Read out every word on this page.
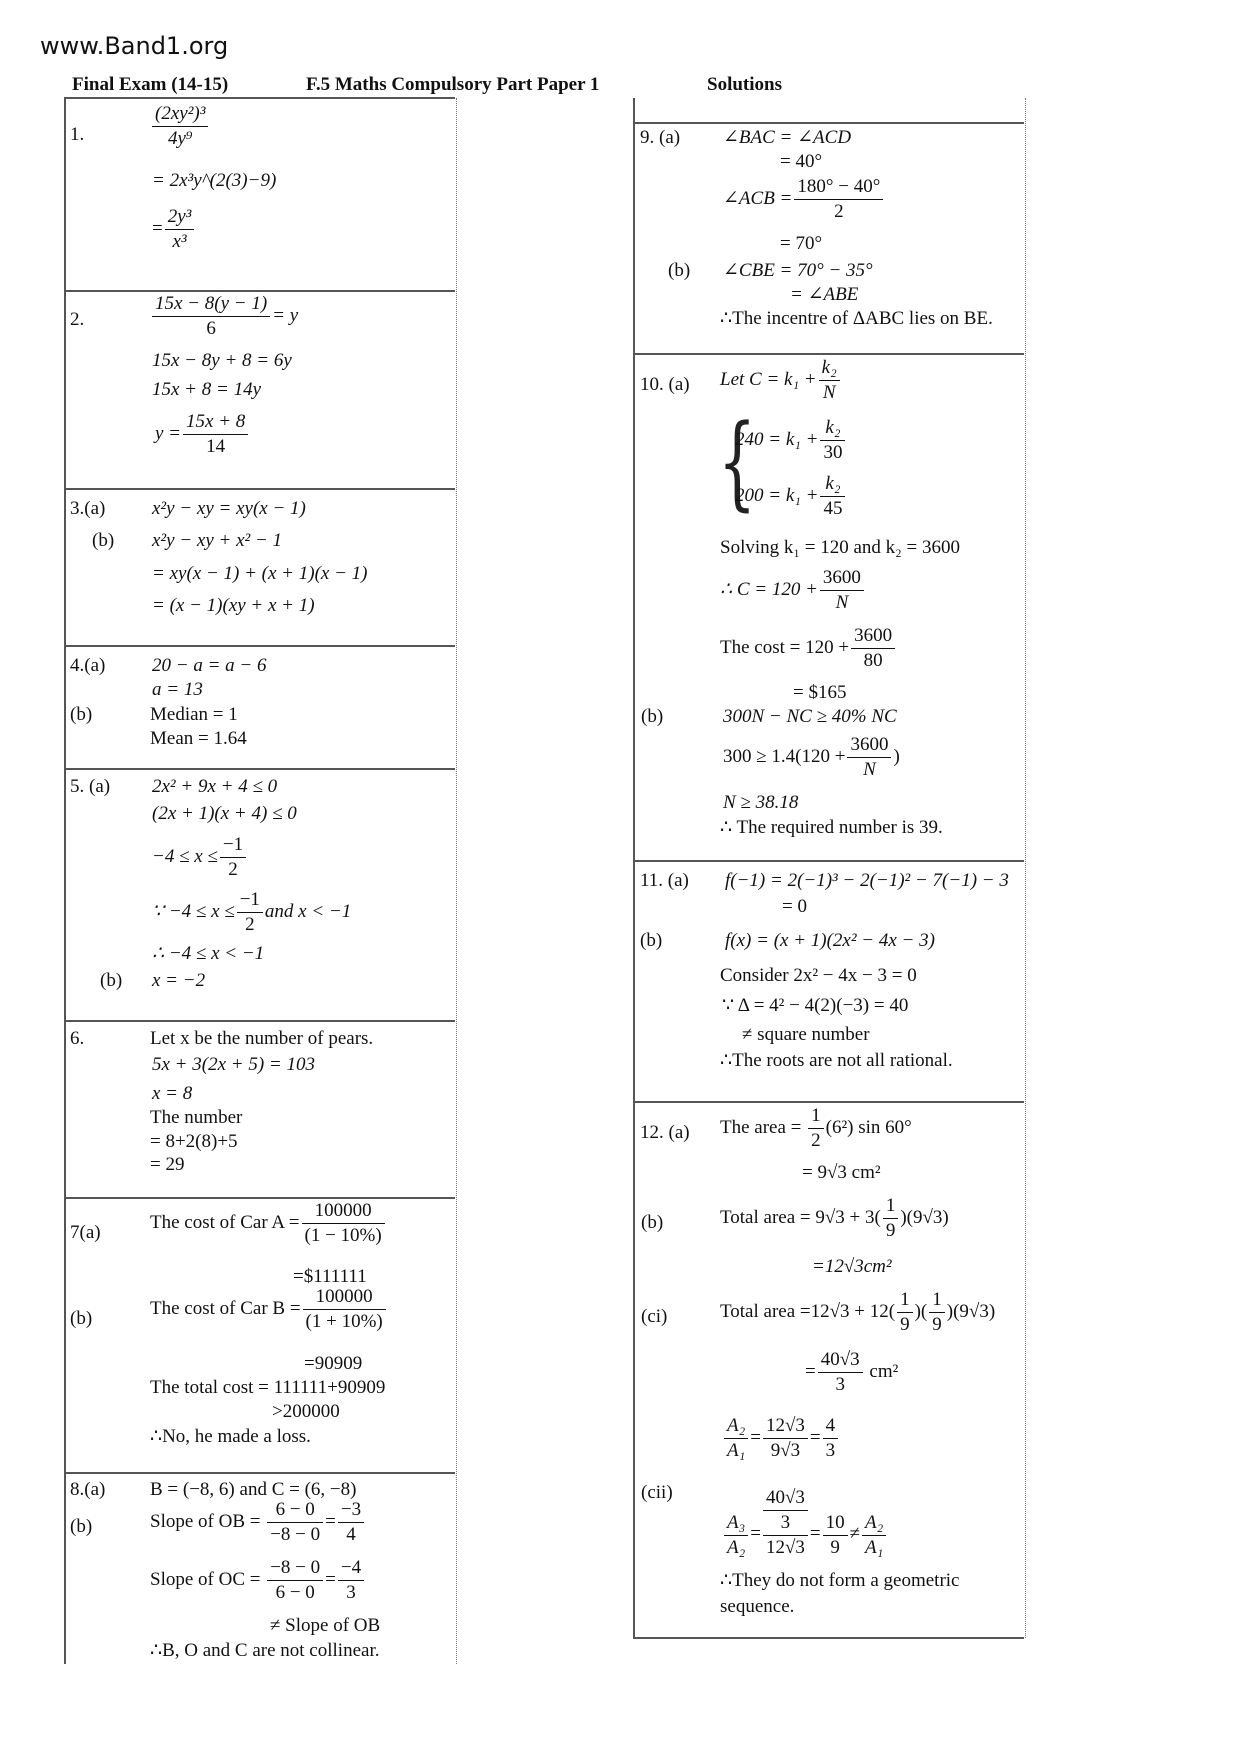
www.Band1.org
Final Exam (14-15)	F.5 Maths Compulsory Part Paper 1	Solutions
1.	$\frac{\text{(2xy²)³}}{\text{4y⁹}}$
= 2x³y^(2(3)−9)
= $\frac{\text{2y³}}{\text{x³}}$
2.	$\frac{15x - 8(y - 1)}{6} = y$
15x − 8y + 8 = 6y
15x + 8 = 14y
$y = \frac{15x + 8}{14}$
3.(a) x²y − xy = xy(x − 1)
(b) x²y − xy + x² − 1
= xy(x − 1) + (x + 1)(x − 1)
= (x − 1)(xy + x + 1)
4.(a) 20 − a = a − 6
a = 13
(b)	Median = 1
Mean = 1.64
5. (a) 2x² + 9x + 4 ≤ 0
(2x + 1)(x + 4) ≤ 0
$-4 \le x \le \frac{-1}{2}$
∵ $-4 \le x \le \frac{-1}{2}$ and x < −1
∴ −4 ≤ x < −1
(b) x = −2
6.	Let x be the number of pears.
5x + 3(2x + 5) = 103
x = 8
The number
= 8+2(8)+5
= 29
7(a)	The cost of Car $A = \frac{100000}{(1 - 10\%)}$
=$111111
(b)	The cost of Car $B = \frac{100000}{(1 + 10\%)}$
=90909
The total cost = 111111+90909
>200000
∴No, he made a loss.
8.(a) B = (−8, 6) and C = (6, −8)
(b)	Slope of OB = $\frac{6 - 0}{-8 - 0} = \frac{-3}{4}$
Slope of OC = $\frac{-8 - 0}{6 - 0} = \frac{-4}{3}$
≠ Slope of OB
∴B, O and C are not collinear.
9. (a) ∠BAC = ∠ACD
= 40°
∠ACB = $\frac{180^\circ - 40^\circ}{2}$
= 70°
(b) ∠CBE = 70° − 35°
= ∠ABE
∴The incentre of ΔABC lies on BE.
10. (a) Let $C = k_1 + \frac{\text{k₂}}{N}$
{
$240 = k_1 + \frac{\text{k₂}}{30}$
$200 = k_1 + \frac{\text{k₂}}{45}$
Solving k₁ = 120 and k₂ = 3600
∴ $C = 120 + \frac{3600}{N}$
The $\cos t = 120 + \frac{3600}{80}$
= $165
(b)	300N − NC ≥ 40% NC
$300 \ge 1.4(120 + \frac{3600}{N}$ )
N ≥ 38.18
∴ The required number is 39.
11. (a) f(−1) = 2(−1)³ − 2(−1)² − 7(−1) − 3
= 0
(b)	f(x) = (x + 1)(2x² − 4x − 3)
Consider 2x² − 4x − 3 = 0
∵ Δ = 4² − 4(2)(−3) = 40
≠ square number
∴The roots are not all rational.
12. (a) The area = $\frac{1}{2} (6^2)$ sin 60°
= 9√3 cm²
(b)	Total area = $9√3 + 3( \frac{1}{9} )(9√3)$
=12√3cm²
(ci)	Total area $=12√3 + 12( \frac{1}{9}$ )( $\frac{1}{9} )(9√3)$
= $\frac{40√3}{3} cm^2$
$\frac{\text{A₂}}{\text{A₁}} = \frac{12√3}{9√3} = \frac{4}{3}$
(cii)
$\frac{\text{A₃}}{\text{A₂}}$ =
40√3
3
12√3
= $\frac{10}{9} \ne \frac{\text{A₂}}{\text{A₁}}$
∴They do not form a geometric
sequence.
